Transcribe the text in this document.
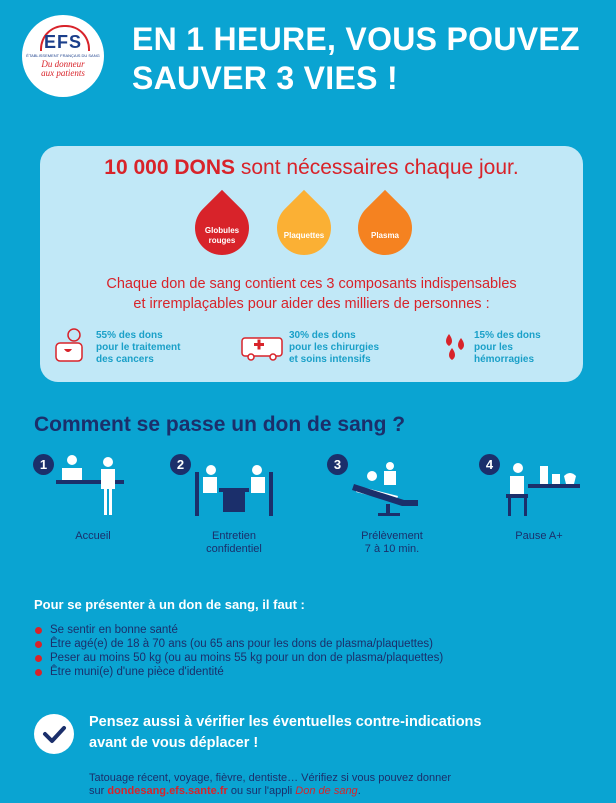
EFS
ÉTABLISSEMENT FRANÇAIS DU SANG
Du donneur
aux patients
EN 1 HEURE, VOUS POUVEZ
SAUVER 3 VIES !
10 000 DONS sont nécessaires chaque jour.
Globules
rouges
Plaquettes	Plasma
Chaque don de sang contient ces 3 composants indispensables
et irremplaçables pour aider des milliers de personnes :
55% des dons
pour le traitement
des cancers
30% des dons
pour les chirurgies
et soins intensifs
15% des dons
pour les
hémorragies
Comment se passe un don de sang ?
1
Accueil
2
Entretien
confidentiel
3
Prélèvement
7 à 10 min.
4
Pause A+
Pour se présenter à un don de sang, il faut :
Se sentir en bonne santé
Être agé(e) de 18 à 70 ans (ou 65 ans pour les dons de plasma/plaquettes)
Peser au moins 50 kg (ou au moins 55 kg pour un don de plasma/plaquettes)
Être muni(e) d'une pièce d'identité
Pensez aussi à vérifier les éventuelles contre-indications
avant de vous déplacer !
Tatouage récent, voyage, fièvre, dentiste… Vérifiez si vous pouvez donner
sur dondesang.efs.sante.fr ou sur l'appli Don de sang.
